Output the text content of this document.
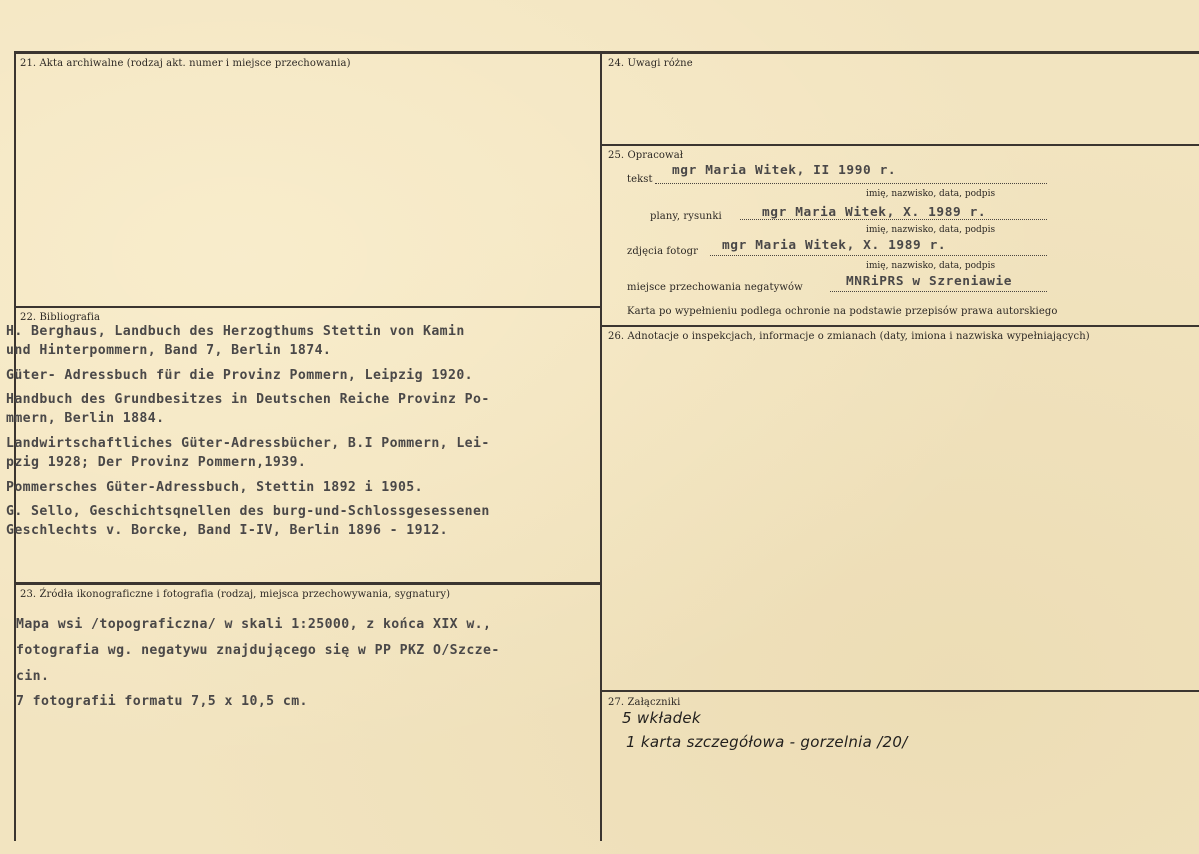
21. Akta archiwalne (rodzaj akt. numer i miejsce przechowania)
22. Bibliografia
H. Berghaus, Landbuch des Herzogthums Stettin von Kamin
und Hinterpommern, Band 7, Berlin 1874.
Güter- Adressbuch für die Provinz Pommern, Leipzig 1920.
Handbuch des Grundbesitzes in Deutschen Reiche Provinz Po-
mmern, Berlin 1884.
Landwirtschaftliches Güter-Adressbücher, B.I Pommern, Lei-
pzig 1928; Der Provinz Pommern,1939.
Pommersches Güter-Adressbuch, Stettin 1892 i 1905.
G. Sello, Geschichtsqnellen des burg-und-Schlossgesessenen
Geschlechts v. Borcke, Band I-IV, Berlin 1896 - 1912.
23. Źródła ikonograficzne i fotografia (rodzaj, miejsca przechowywania, sygnatury)
Mapa wsi /topograficzna/ w skali 1:25000, z końca XIX w.,
fotografia wg. negatywu znajdującego się w PP PKZ O/Szcze-
cin.
7 fotografii formatu 7,5 x 10,5 cm.
24. Uwagi różne
25. Opracował
tekst
mgr Maria Witek, II 1990 r.
imię, nazwisko, data, podpis
plany, rysunki	mgr Maria Witek, X. 1989 r.
imię, nazwisko, data, podpis
zdjęcia fotogr mgr Maria Witek, X. 1989 r.
imię, nazwisko, data, podpis
miejsce przechowania negatywów	MNRiPRS w Szreniawie
Karta po wypełnieniu podlega ochronie na podstawie przepisów prawa autorskiego
26. Adnotacje o inspekcjach, informacje o zmianach (daty, imiona i nazwiska wypełniających)
27. Załączniki
5 wkładek
1 karta szczegółowa - gorzelnia /20/
